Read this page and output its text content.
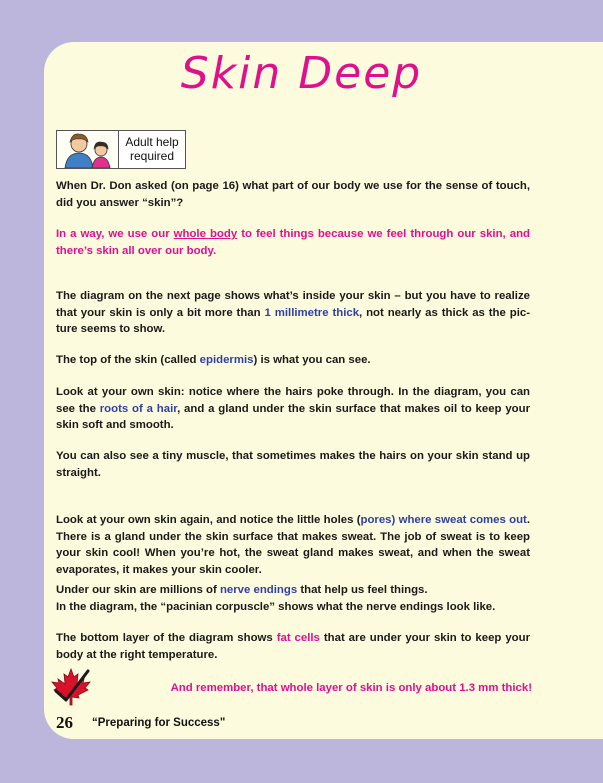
Skin Deep
Adult help
required

When Dr. Don asked (on page 16) what part of our body we use for the sense of touch, did you answer “skin”?

In a way, we use our whole body to feel things because we feel through our skin, and there’s skin all over our body.

The diagram on the next page shows what’s inside your skin – but you have to realize that your skin is only a bit more than 1 millimetre thick, not nearly as thick as the pic-ture seems to show.

The top of the skin (called epidermis) is what you can see.

Look at your own skin: notice where the hairs poke through. In the diagram, you can see the roots of a hair, and a gland under the skin surface that makes oil to keep your skin soft and smooth.

You can also see a tiny muscle, that sometimes makes the hairs on your skin stand up straight.

Look at your own skin again, and notice the little holes (pores) where sweat comes out. There is a gland under the skin surface that makes sweat. The job of sweat is to keep your skin cool! When you’re hot, the sweat gland makes sweat, and when the sweat evaporates, it makes your skin cooler.

Under our skin are millions of nerve endings that help us feel things.

In the diagram, the “pacinian corpuscle” shows what the nerve endings look like.

The bottom layer of the diagram shows fat cells that are under your skin to keep your body at the right temperature.

And remember, that whole layer of skin is only about 1.3 mm thick!

26 “Preparing for Success"
